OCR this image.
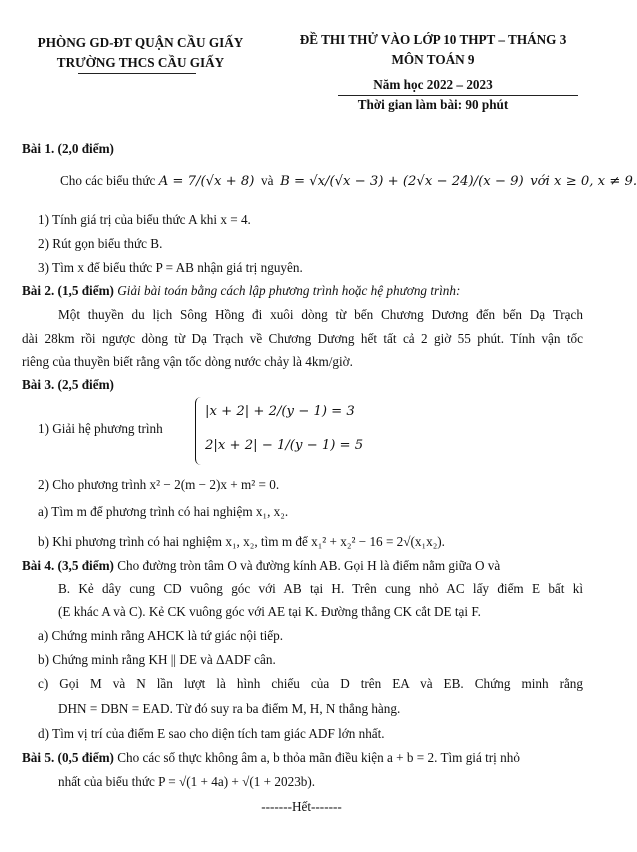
PHÒNG GD-ĐT QUẬN CẦU GIẤY
TRƯỜNG THCS CẦU GIẤY
ĐỀ THI THỬ VÀO LỚP 10 THPT – THÁNG 3
MÔN TOÁN 9
Năm học 2022 – 2023
Thời gian làm bài: 90 phút
Bài 1. (2,0 điểm)
Cho các biểu thức A = 7/(√x + 8) và B = √x/(√x − 3) + (2√x − 24)/(x − 9) với x ≥ 0, x ≠ 9.
1) Tính giá trị của biểu thức A khi x = 4.
2) Rút gọn biểu thức B.
3) Tìm x để biểu thức P = AB nhận giá trị nguyên.
Bài 2. (1,5 điểm) Giải bài toán bằng cách lập phương trình hoặc hệ phương trình:
Một thuyền du lịch Sông Hồng đi xuôi dòng từ bến Chương Dương đến bến Dạ Trạch
dài 28km rồi ngược dòng từ Dạ Trạch về Chương Dương hết tất cả 2 giờ 55 phút. Tính vận tốc
riêng của thuyền biết rằng vận tốc dòng nước chảy là 4km/giờ.
Bài 3. (2,5 điểm)
1) Giải hệ phương trình
|x + 2| + 2/(y − 1) = 3
2|x + 2| − 1/(y − 1) = 5
2) Cho phương trình x² − 2(m − 2)x + m² = 0.
a) Tìm m để phương trình có hai nghiệm x₁, x₂.
b) Khi phương trình có hai nghiệm x₁, x₂, tìm m để x₁² + x₂² − 16 = 2√(x₁x₂).
Bài 4. (3,5 điểm) Cho đường tròn tâm O và đường kính AB. Gọi H là điểm nằm giữa O và
B. Kẻ dây cung CD vuông góc với AB tại H. Trên cung nhỏ AC lấy điểm E bất kì
(E khác A và C). Kẻ CK vuông góc với AE tại K. Đường thẳng CK cắt DE tại F.
a) Chứng minh rằng AHCK là tứ giác nội tiếp.
b) Chứng minh rằng KH || DE và ΔADF cân.
c) Gọi M và N lần lượt là hình chiếu của D trên EA và EB. Chứng minh rằng
DHN = DBN = EAD. Từ đó suy ra ba điểm M, H, N thẳng hàng.
d) Tìm vị trí của điểm E sao cho diện tích tam giác ADF lớn nhất.
Bài 5. (0,5 điểm) Cho các số thực không âm a, b thỏa mãn điều kiện a + b = 2. Tìm giá trị nhỏ
nhất của biểu thức P = √(1 + 4a) + √(1 + 2023b).
-------Hết-------
